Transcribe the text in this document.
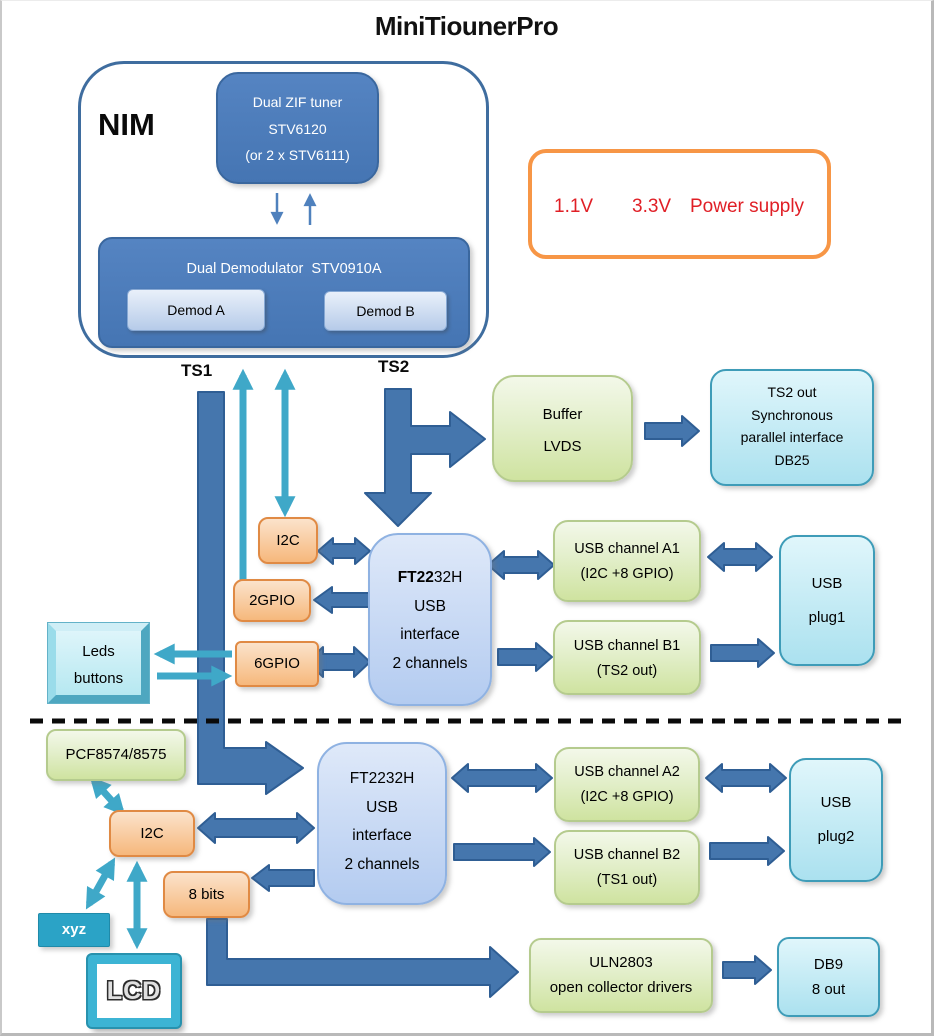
MiniTiounerPro
NIM
Dual ZIF tuner
STV6120
(or 2 x STV6111)
Dual Demodulator  STV0910A
Demod A	Demod B
TS1	TS2
1.1V 3.3V Power supply
Buffer
LVDS
TS2 out
Synchronous
parallel interface
DB25
I2C
2GPIO
6GPIO
Leds
buttons
FT2232H
USB
interface
2 channels
USB channel A1
(I2C +8 GPIO)
USB channel B1
(TS2 out)
USB
plug1
PCF8574/8575
I2C
8 bits
xyz
LCD
FT2232H
USB
interface
2 channels
USB channel A2
(I2C +8 GPIO)
USB channel B2
(TS1 out)
USB
plug2
ULN2803
open collector drivers
DB9
8 out
